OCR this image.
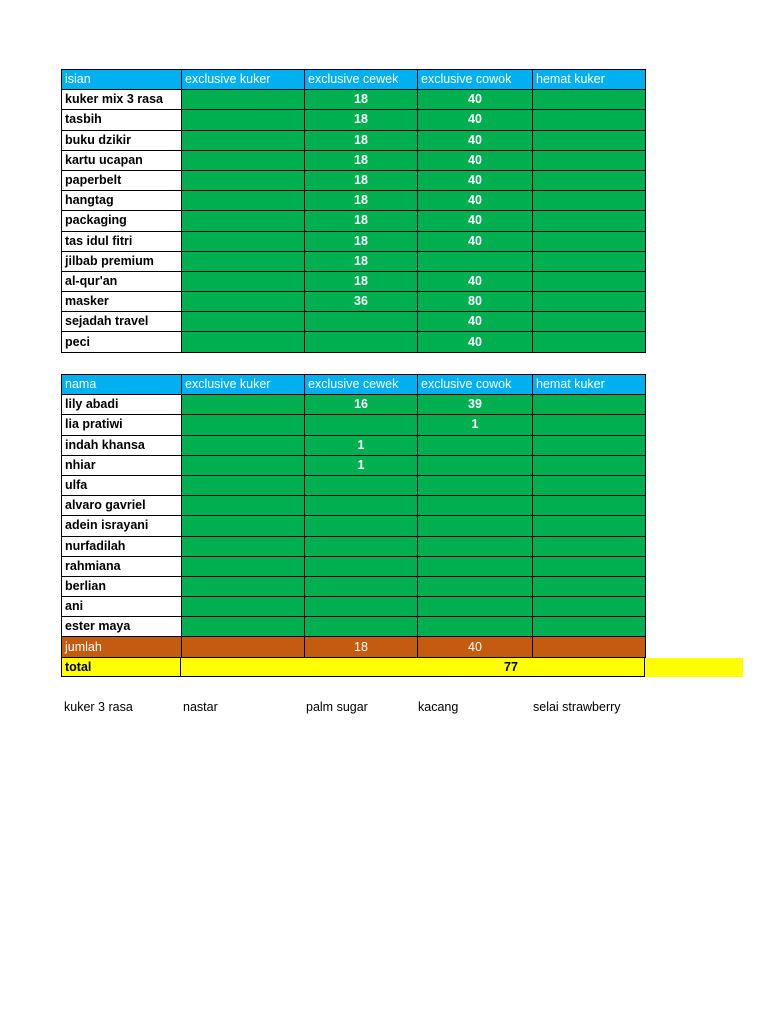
isian	exclusive kuker	exclusive cewek	exclusive cowok	hemat kuker
kuker mix 3 rasa		18	40	
tasbih		18	40	
buku dzikir		18	40	
kartu ucapan		18	40	
paperbelt		18	40	
hangtag		18	40	
packaging		18	40	
tas idul fitri		18	40	
jilbab premium		18		
al-qur'an		18	40	
masker		36	80	
sejadah travel			40	
peci			40	
nama	exclusive kuker	exclusive cewek	exclusive cowok	hemat kuker
lily abadi		16	39	
lia pratiwi			1	
indah khansa		1		
nhiar		1		
ulfa				
alvaro gavriel				
adein israyani				
nurfadilah				
rahmiana				
berlian				
ani				
ester maya				
jumlah		18	40	
total	77
kuker 3 rasa	nastar	palm sugar	kacang	selai strawberry
